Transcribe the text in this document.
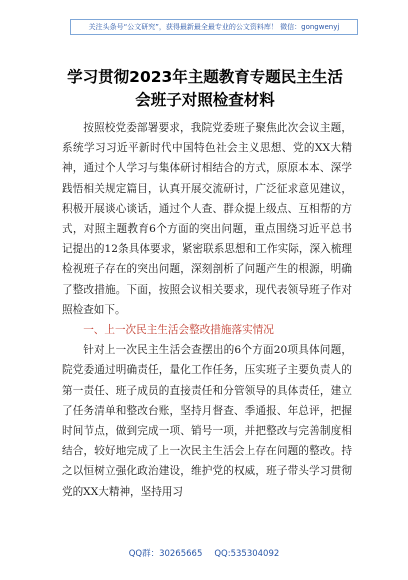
关注头条号“公文研究”，获得最新最全最专业的公文资料库！ 微信：gongwenyj
学习贯彻2023年主题教育专题民主生活
会班子对照检查材料

按照校党委部署要求，我院党委班子聚焦此次会议主题，系统学习习近平新时代中国特色社会主义思想、党的XX大精神，通过个人学习与集体研讨相结合的方式，原原本本、深学践悟相关规定篇目，认真开展交流研讨，广泛征求意见建议，积极开展谈心谈话，通过个人查、群众提上级点、互相帮的方式，对照主题教育6个方面的突出问题，重点围绕习近平总书记提出的12条具体要求，紧密联系思想和工作实际，深入梳理检视班子存在的突出问题，深刻剖析了问题产生的根源，明确了整改措施。下面，按照会议相关要求，现代表领导班子作对照检查如下。

一、上一次民主生活会整改措施落实情况

针对上一次民主生活会查摆出的6个方面20项具体问题，院党委通过明确责任，量化工作任务，压实班子主要负责人的第一责任、班子成员的直接责任和分管领导的具体责任，建立了任务清单和整改台账，坚持月督查、季通报、年总评，把握时间节点，做到完成一项、销号一项，并把整改与完善制度相结合，较好地完成了上一次民主生活会上存在问题的整改。持之以恒树立强化政治建设，维护党的权威，班子带头学习贯彻党的XX大精神，坚持用习

QQ群：30265665 QQ:535304092
